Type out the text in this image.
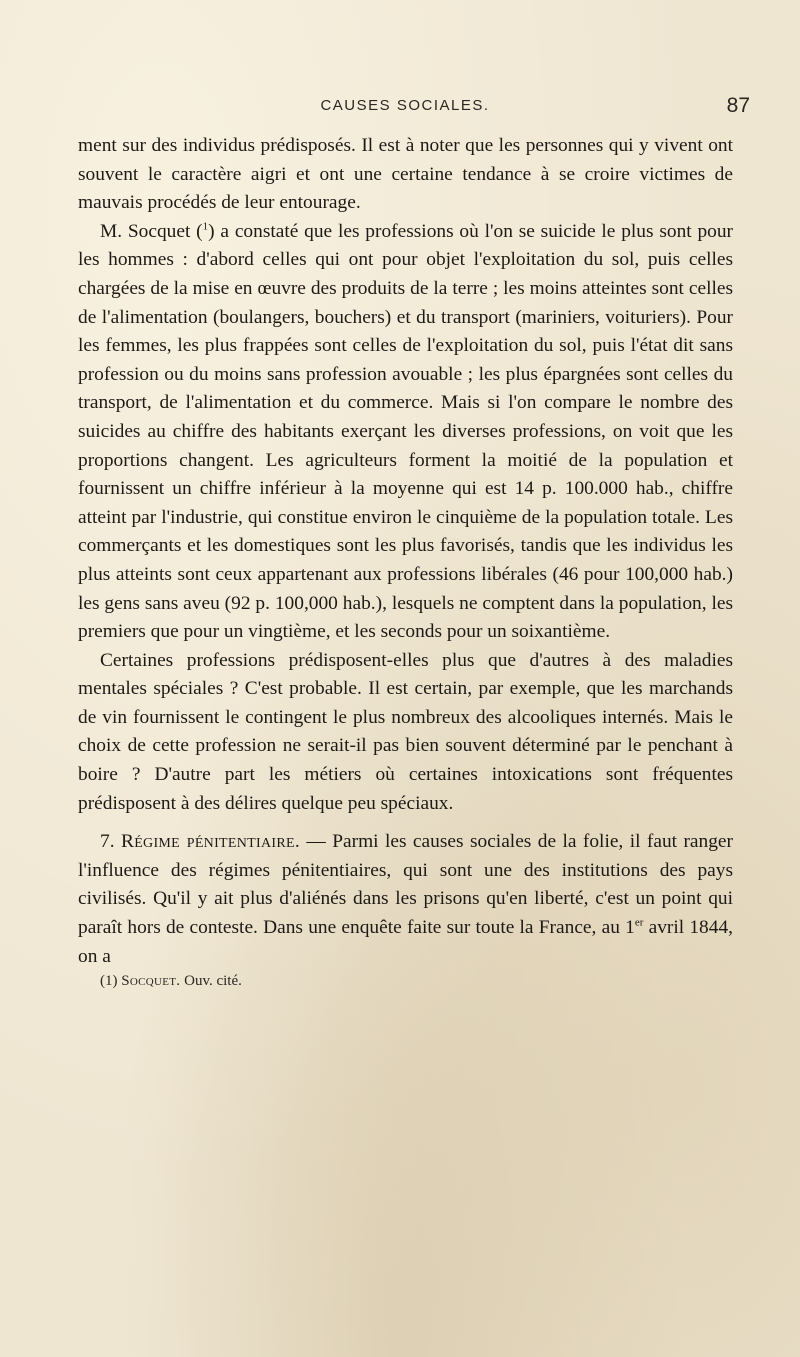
CAUSES SOCIALES.	87

ment sur des individus prédisposés. Il est à noter que les personnes qui y vivent ont souvent le caractère aigri et ont une certaine tendance à se croire victimes de mauvais procédés de leur entourage.

M. Socquet ($^1$) a constaté que les professions où l'on se suicide le plus sont pour les hommes : d'abord celles qui ont pour objet l'exploitation du sol, puis celles chargées de la mise en œuvre des produits de la terre ; les moins atteintes sont celles de l'alimentation (boulangers, bouchers) et du transport (mariniers, voituriers). Pour les femmes, les plus frappées sont celles de l'exploitation du sol, puis l'état dit sans profession ou du moins sans profession avouable ; les plus épargnées sont celles du transport, de l'alimentation et du commerce. Mais si l'on compare le nombre des suicides au chiffre des habitants exerçant les diverses professions, on voit que les proportions changent. Les agriculteurs forment la moitié de la population et fournissent un chiffre inférieur à la moyenne qui est 14 p. 100.000 hab., chiffre atteint par l'industrie, qui constitue environ le cinquième de la population totale. Les commerçants et les domestiques sont les plus favorisés, tandis que les individus les plus atteints sont ceux appartenant aux professions libérales (46 pour 100,000 hab.) les gens sans aveu (92 p. 100,000 hab.), lesquels ne comptent dans la population, les premiers que pour un vingtième, et les seconds pour un soixantième.

Certaines professions prédisposent-elles plus que d'autres à des maladies mentales spéciales ? C'est probable. Il est certain, par exemple, que les marchands de vin fournissent le contingent le plus nombreux des alcooliques internés. Mais le choix de cette profession ne serait-il pas bien souvent déterminé par le penchant à boire ? D'autre part les métiers où certaines intoxications sont fréquentes prédisposent à des délires quelque peu spéciaux.

7. Régime pénitentiaire. — Parmi les causes sociales de la folie, il faut ranger l'influence des régimes pénitentiaires, qui sont une des institutions des pays civilisés. Qu'il y ait plus d'aliénés dans les prisons qu'en liberté, c'est un point qui paraît hors de conteste. Dans une enquête faite sur toute la France, au 1er avril 1844, on a

(1) Socquet. Ouv. cité.
